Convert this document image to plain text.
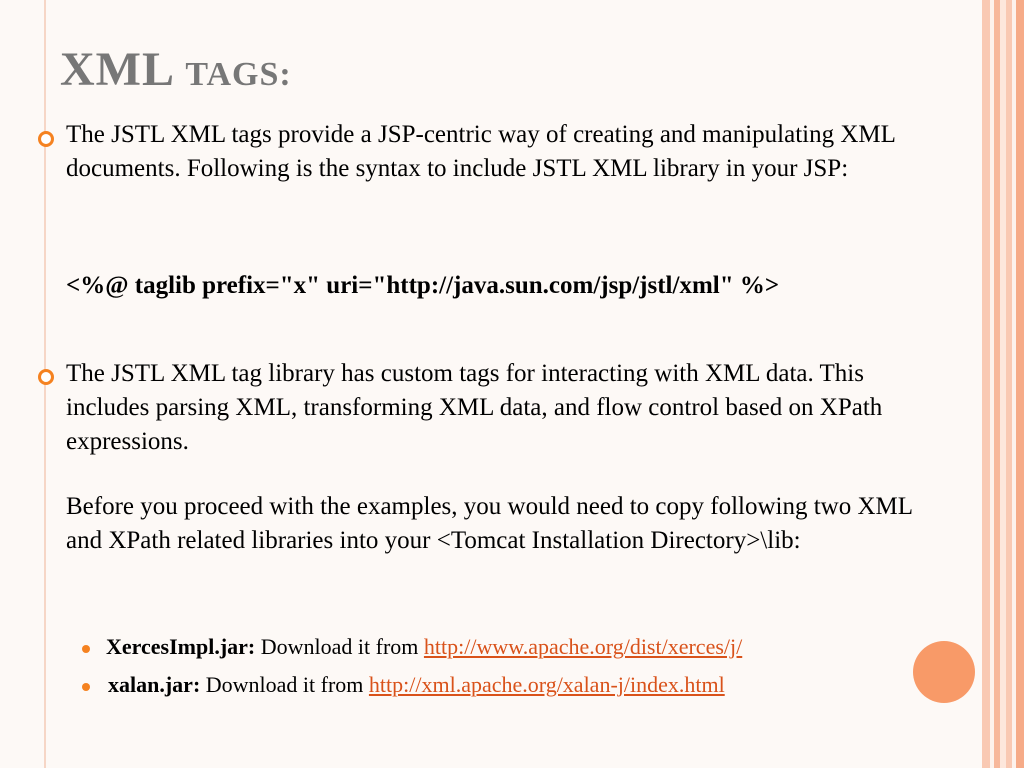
XML TAGS:

The JSTL XML tags provide a JSP-centric way of creating and manipulating XML documents. Following is the syntax to include JSTL XML library in your JSP:

<%@ taglib prefix="x" uri="http://java.sun.com/jsp/jstl/xml" %>

The JSTL XML tag library has custom tags for interacting with XML data. This includes parsing XML, transforming XML data, and flow control based on XPath expressions.

Before you proceed with the examples, you would need to copy following two XML and XPath related libraries into your <Tomcat Installation Directory>\lib:

XercesImpl.jar: Download it from http://www.apache.org/dist/xerces/j/
xalan.jar: Download it from http://xml.apache.org/xalan-j/index.html
